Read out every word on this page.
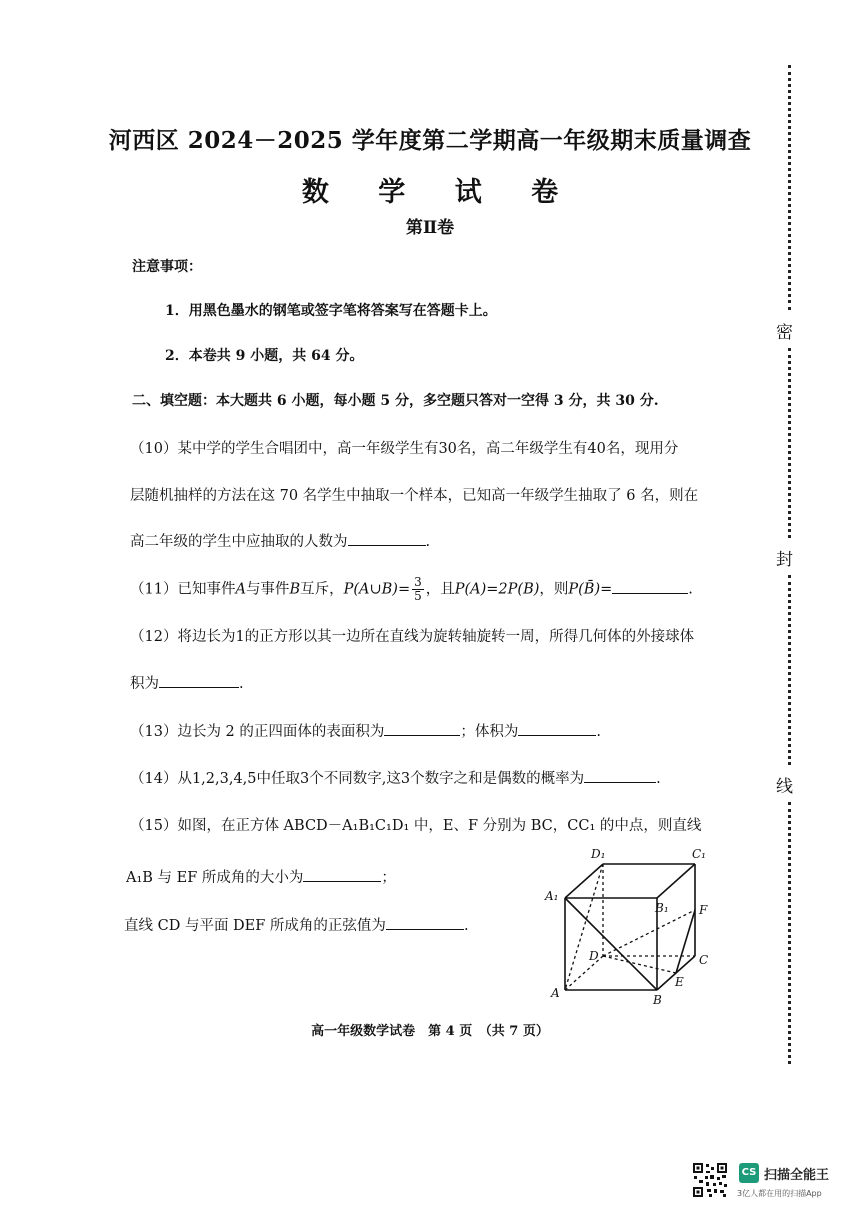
河西区 2024－2025 学年度第二学期高一年级期末质量调查
数 学 试 卷
第Ⅱ卷
注意事项：
1．用黑色墨水的钢笔或签字笔将答案写在答题卡上。
2．本卷共 9 小题，共 64 分。
二、填空题：本大题共 6 小题，每小题 5 分，多空题只答对一空得 3 分，共 30 分.
（10）某中学的学生合唱团中，高一年级学生有30名，高二年级学生有40名，现用分
层随机抽样的方法在这 70 名学生中抽取一个样本，已知高一年级学生抽取了 6 名，则在
高二年级的学生中应抽取的人数为	.
（11）已知事件A与事件B互斥，P(A∪B)= $\frac{3}{5}$ ，且P(A)=2P(B)，则P(B̄)=	.
（12）将边长为1的正方形以其一边所在直线为旋转轴旋转一周，所得几何体的外接球体
积为	.
（13）边长为 2 的正四面体的表面积为	；体积为	.
（14）从1,2,3,4,5中任取3个不同数字,这3个数字之和是偶数的概率为	.
（15）如图，在正方体 ABCD－A₁B₁C₁D₁ 中，E、F 分别为 BC，CC₁ 的中点，则直线
A₁B 与 EF 所成角的大小为	；
直线 CD 与平面 DEF 所成角的正弦值为	.
D₁	C₁
A₁
B₁	F
D	C
E
A	B
高一年级数学试卷　第 4 页　（共 7 页）
密
封
线
CS 扫描全能王
3亿人都在用的扫描App
